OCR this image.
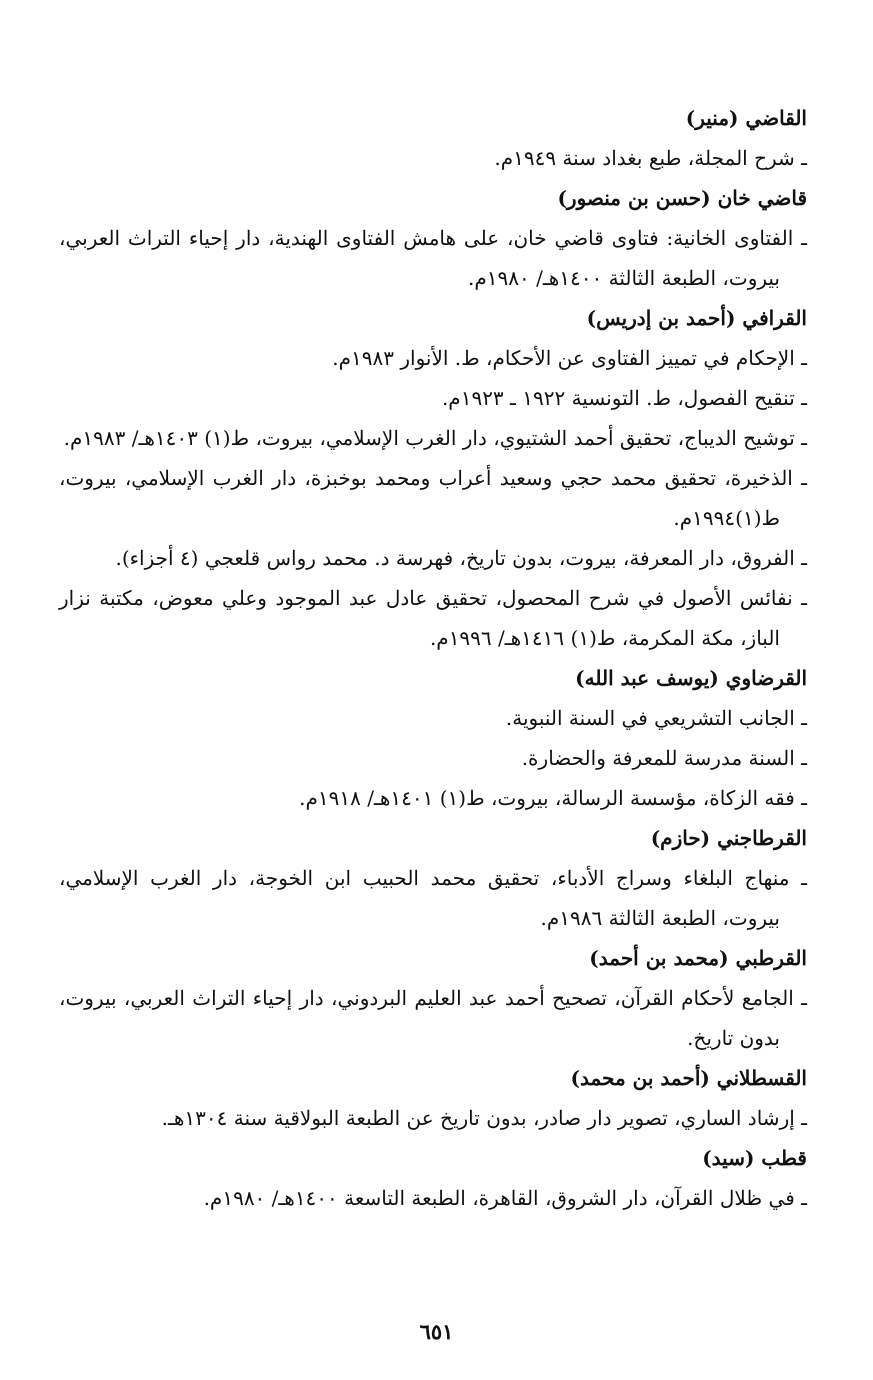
القاضي (منير)

ـ شرح المجلة، طبع بغداد سنة ١٩٤٩م.

قاضي خان (حسن بن منصور)

ـ الفتاوى الخانية: فتاوى قاضي خان، على هامش الفتاوى الهندية، دار إحياء التراث العربي، بيروت، الطبعة الثالثة ١٤٠٠هـ/ ١٩٨٠م.

القرافي (أحمد بن إدريس)

ـ الإحكام في تمييز الفتاوى عن الأحكام، ط. الأنوار ١٩٨٣م.

ـ تنقيح الفصول، ط. التونسية ١٩٢٢ ـ ١٩٢٣م.

ـ توشيح الديباج، تحقيق أحمد الشتيوي، دار الغرب الإسلامي، بيروت، ط(١) ١٤٠٣هـ/ ١٩٨٣م.

ـ الذخيرة، تحقيق محمد حجي وسعيد أعراب ومحمد بوخبزة، دار الغرب الإسلامي، بيروت، ط(١)١٩٩٤م.

ـ الفروق، دار المعرفة، بيروت، بدون تاريخ، فهرسة د. محمد رواس قلعجي (٤ أجزاء).

ـ نفائس الأصول في شرح المحصول، تحقيق عادل عبد الموجود وعلي معوض، مكتبة نزار الباز، مكة المكرمة، ط(١) ١٤١٦هـ/ ١٩٩٦م.

القرضاوي (يوسف عبد الله)

ـ الجانب التشريعي في السنة النبوية.

ـ السنة مدرسة للمعرفة والحضارة.

ـ فقه الزكاة، مؤسسة الرسالة، بيروت، ط(١) ١٤٠١هـ/ ١٩١٨م.

القرطاجني (حازم)

ـ منهاج البلغاء وسراج الأدباء، تحقيق محمد الحبيب ابن الخوجة، دار الغرب الإسلامي، بيروت، الطبعة الثالثة ١٩٨٦م.

القرطبي (محمد بن أحمد)

ـ الجامع لأحكام القرآن، تصحيح أحمد عبد العليم البردوني، دار إحياء التراث العربي، بيروت، بدون تاريخ.

القسطلاني (أحمد بن محمد)

ـ إرشاد الساري، تصوير دار صادر، بدون تاريخ عن الطبعة البولاقية سنة ١٣٠٤هـ.

قطب (سيد)

ـ في ظلال القرآن، دار الشروق، القاهرة، الطبعة التاسعة ١٤٠٠هـ/ ١٩٨٠م.

٦٥١
